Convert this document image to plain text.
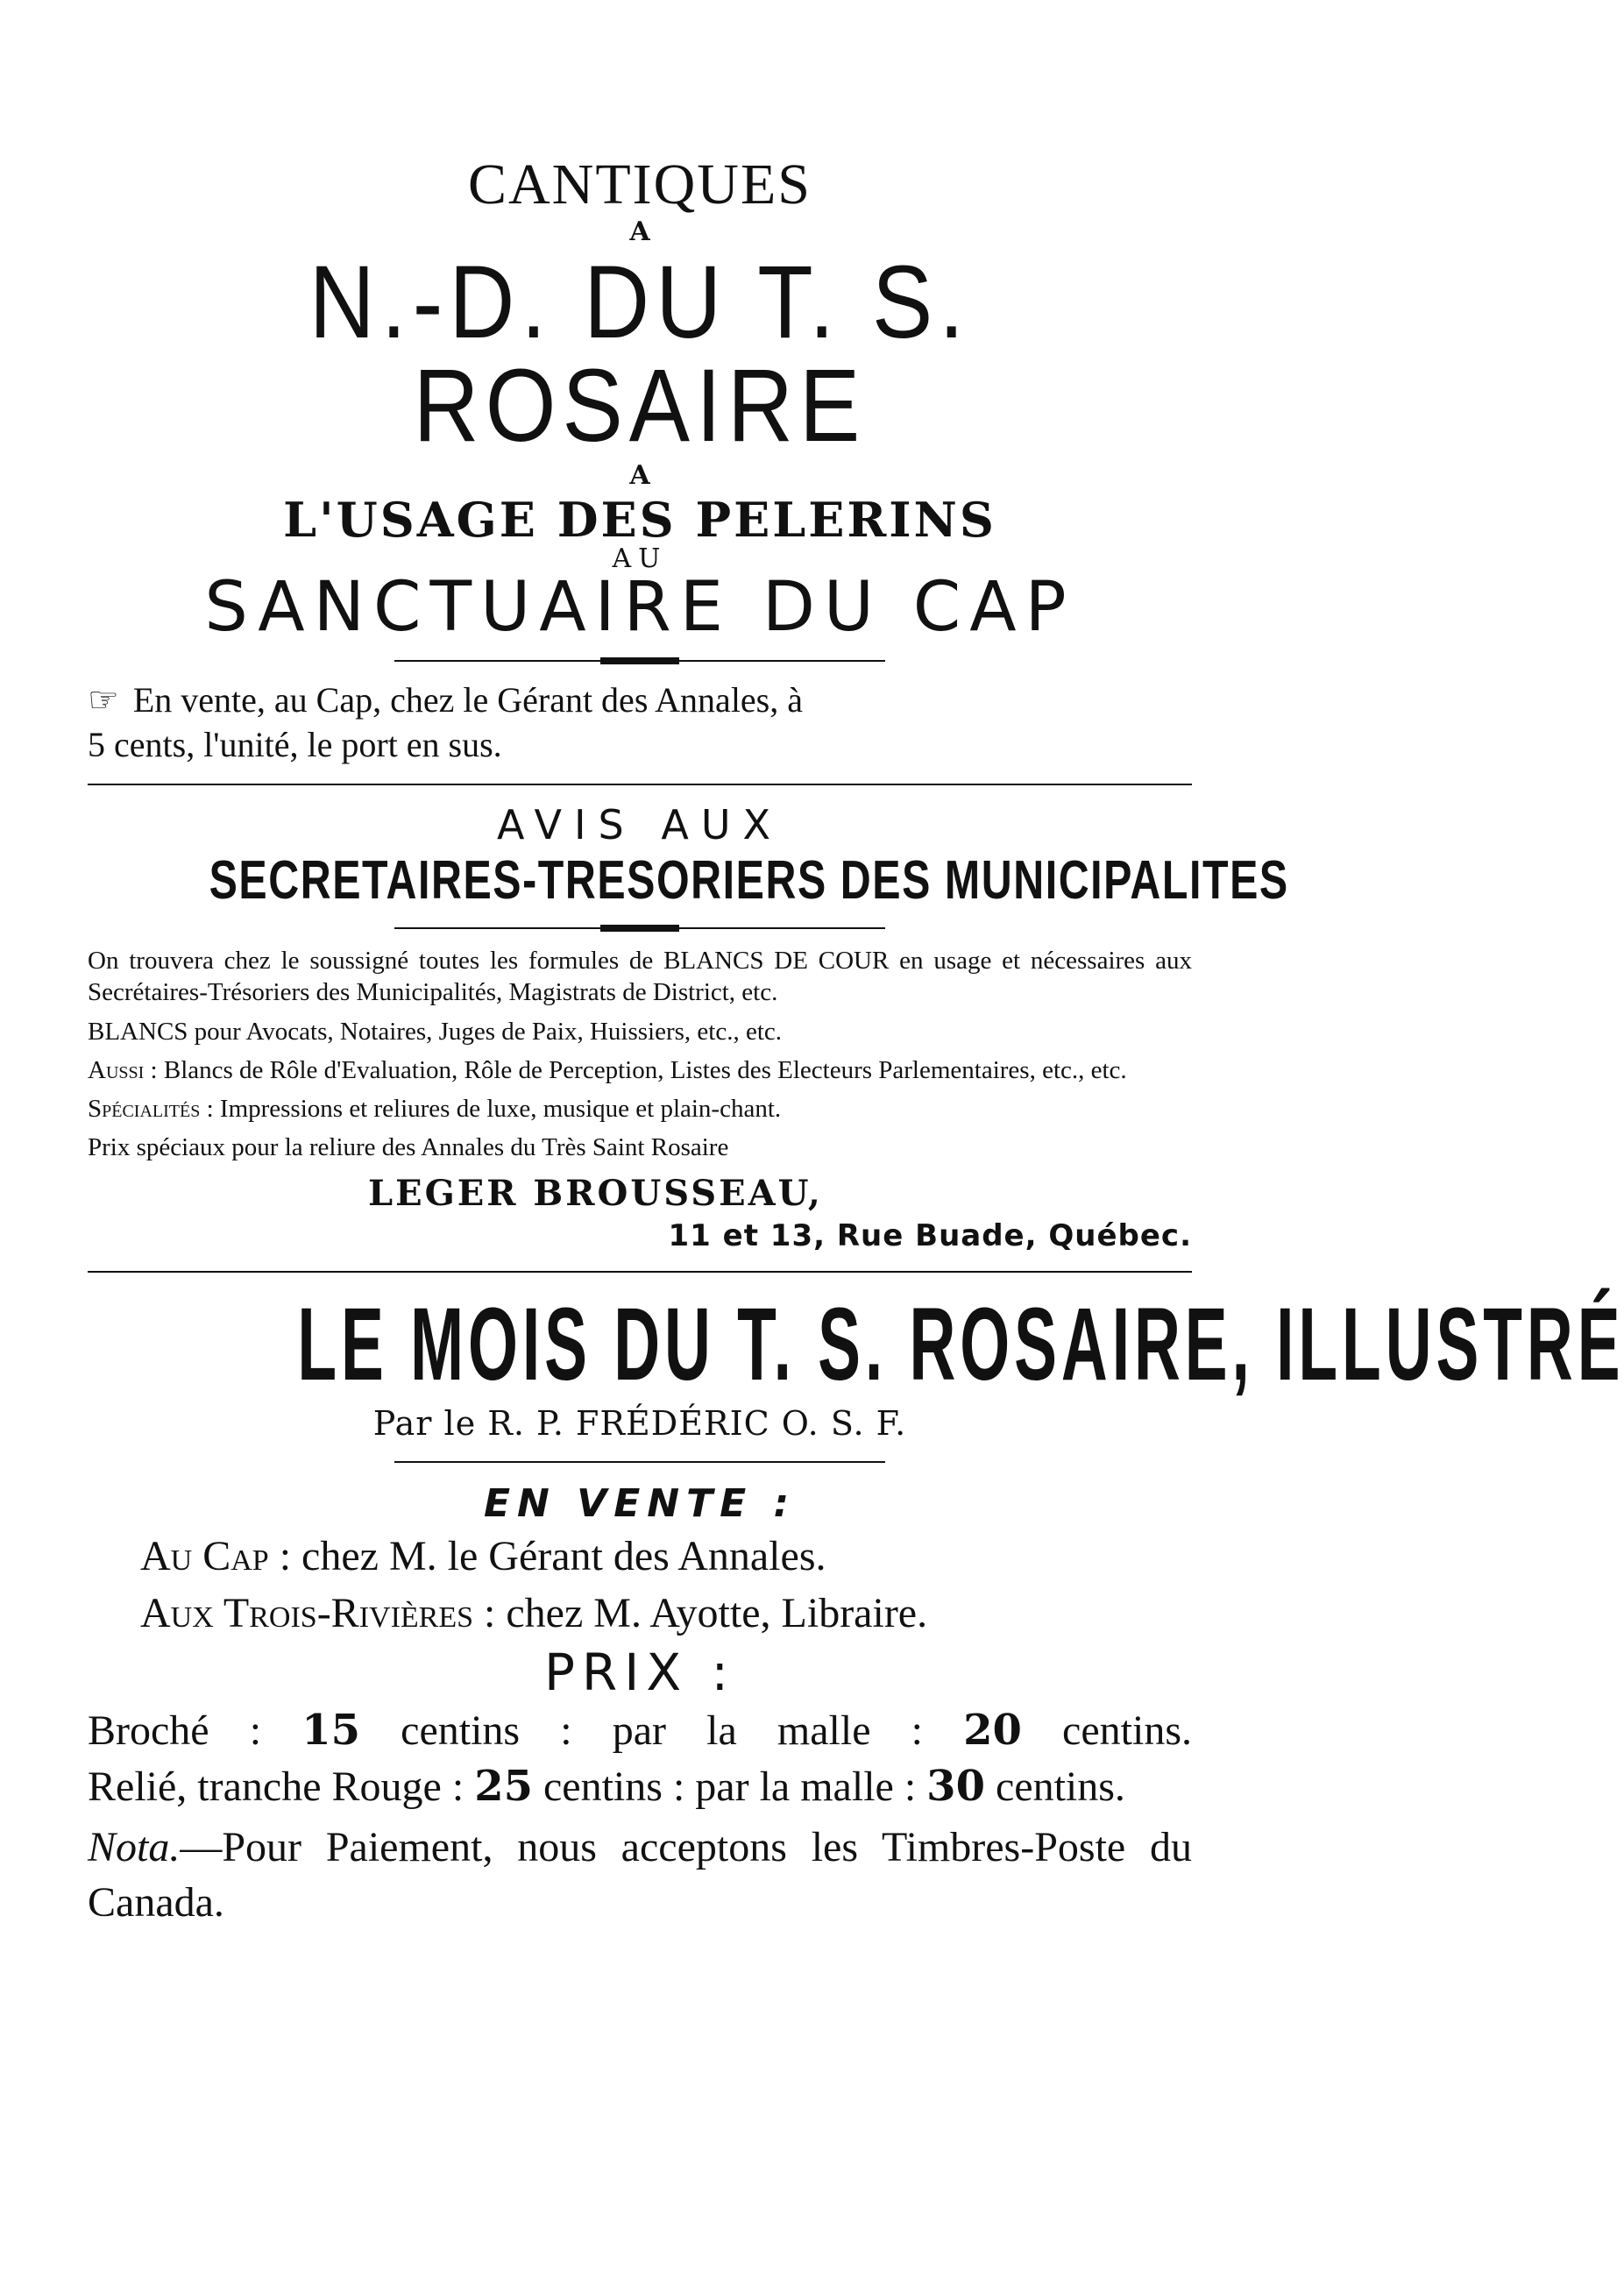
CANTIQUES
A
N.-D. DU T. S. ROSAIRE
A
L'USAGE DES PELERINS
AU
SANCTUAIRE DU CAP
☞ En vente, au Cap, chez le Gérant des Annales, à
5 cents, l'unité, le port en sus.
AVIS AUX
SECRETAIRES-TRESORIERS DES MUNICIPALITES

On trouvera chez le soussigné toutes les formules de BLANCS DE COUR en usage et nécessaires aux Secrétaires-Trésoriers des Municipalités, Magistrats de District, etc.

BLANCS pour Avocats, Notaires, Juges de Paix, Huissiers, etc., etc.

Aussi : Blancs de Rôle d'Evaluation, Rôle de Perception, Listes des Electeurs Parlementaires, etc., etc.

Spécialités : Impressions et reliures de luxe, musique et plain-chant.

Prix spéciaux pour la reliure des Annales du Très Saint Rosaire

LEGER BROUSSEAU,
11 et 13, Rue Buade, Québec.
LE MOIS DU T. S. ROSAIRE, ILLUSTRÉ
Par le R. P. FRÉDÉRIC O. S. F.
EN VENTE :
Au Cap : chez M. le Gérant des Annales.
Aux Trois-Rivières : chez M. Ayotte, Libraire.
PRIX :
Broché : 15 centins : par la malle : 20 centins.
Relié, tranche Rouge : 25 centins : par la malle : 30 centins.
Nota.—Pour Paiement, nous acceptons les Timbres-Poste du Canada.
